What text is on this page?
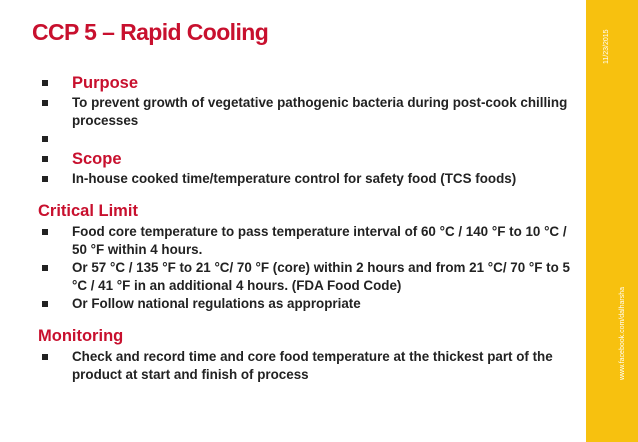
11/23/2015
www.facebook.com/dalharsha
CCP 5 – Rapid Cooling
Purpose
To prevent growth of vegetative pathogenic bacteria during post-cook chilling processes
Scope
In-house cooked time/temperature control for safety food (TCS foods)
Critical Limit
Food core temperature to pass temperature interval of 60 °C / 140 °F to 10 °C / 50 °F within 4 hours.
Or 57 °C / 135 °F to 21 °C/ 70 °F (core) within 2 hours and from 21 °C/ 70 °F to 5 °C / 41 °F in an additional 4 hours. (FDA Food Code)
Or Follow national regulations as appropriate
Monitoring
Check and record time and core food temperature at the thickest part of the product at start and finish of process
